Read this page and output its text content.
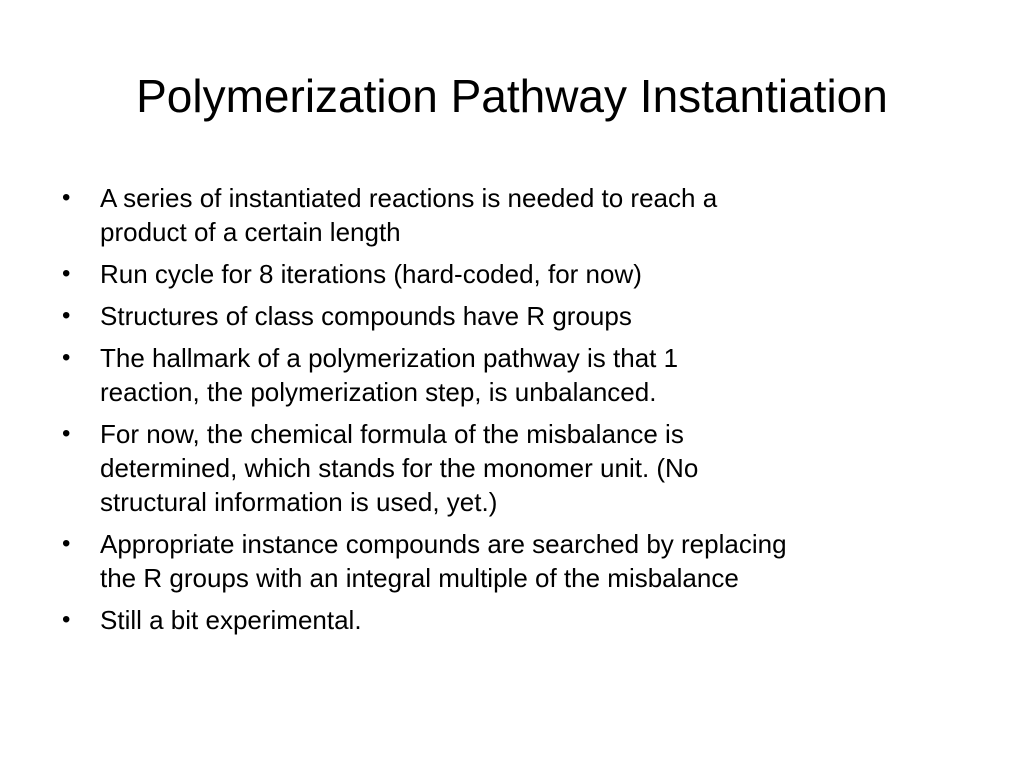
Polymerization Pathway Instantiation
•	A series of instantiated reactions is needed to reach a
product of a certain length
•	Run cycle for 8 iterations (hard-coded, for now)
•	Structures of class compounds have R groups
•	The hallmark of a polymerization pathway is that 1
reaction, the polymerization step, is unbalanced.
•	For now, the chemical formula of the misbalance is
determined, which stands for the monomer unit. (No
structural information is used, yet.)
•	Appropriate instance compounds are searched by replacing
the R groups with an integral multiple of the misbalance
•	Still a bit experimental.
